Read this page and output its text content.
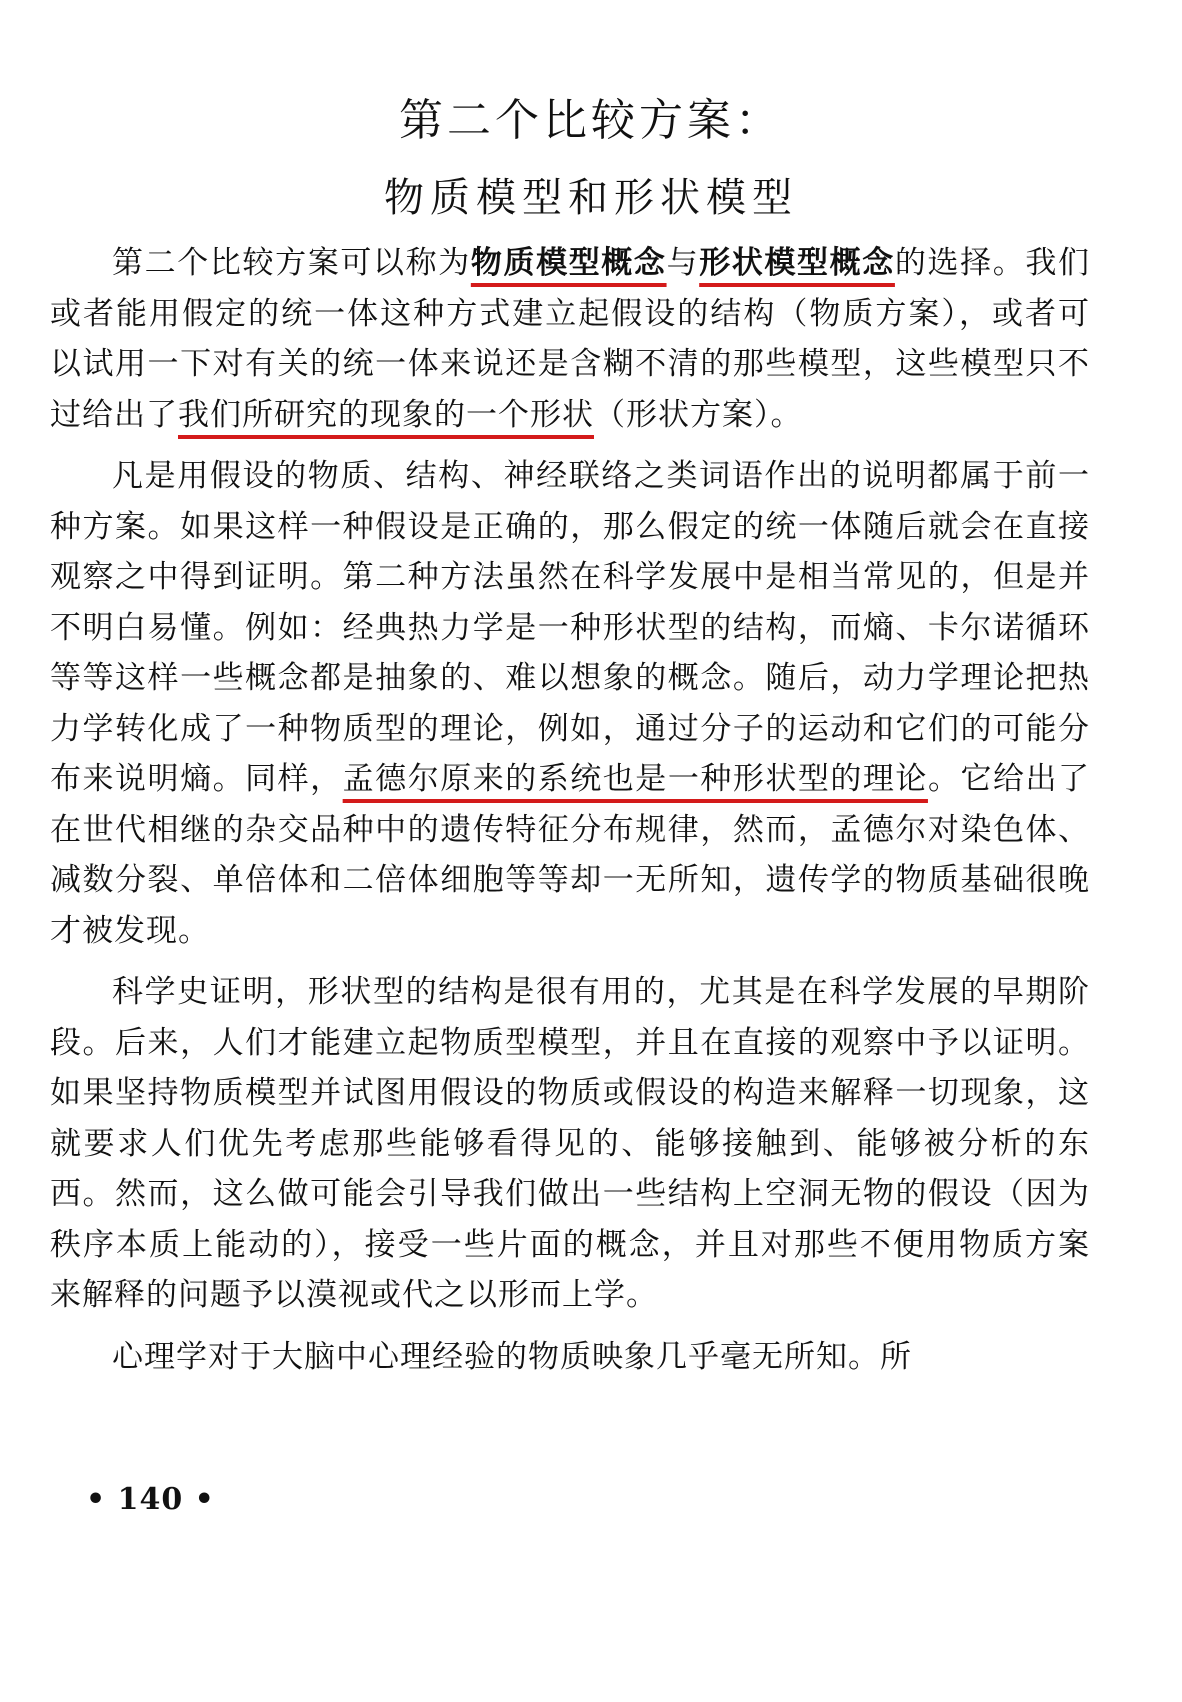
第二个比较方案：
物质模型和形状模型

第二个比较方案可以称为物质模型概念与形状模型概念的选择。我们或者能用假定的统一体这种方式建立起假设的结构（物质方案），或者可以试用一下对有关的统一体来说还是含糊不清的那些模型，这些模型只不过给出了我们所研究的现象的一个形状（形状方案）。

凡是用假设的物质、结构、神经联络之类词语作出的说明都属于前一种方案。如果这样一种假设是正确的，那么假定的统一体随后就会在直接观察之中得到证明。第二种方法虽然在科学发展中是相当常见的，但是并不明白易懂。例如：经典热力学是一种形状型的结构，而熵、卡尔诺循环等等这样一些概念都是抽象的、难以想象的概念。随后，动力学理论把热力学转化成了一种物质型的理论，例如，通过分子的运动和它们的可能分布来说明熵。同样，孟德尔原来的系统也是一种形状型的理论。它给出了在世代相继的杂交品种中的遗传特征分布规律，然而，孟德尔对染色体、减数分裂、单倍体和二倍体细胞等等却一无所知，遗传学的物质基础很晚才被发现。

科学史证明，形状型的结构是很有用的，尤其是在科学发展的早期阶段。后来，人们才能建立起物质型模型，并且在直接的观察中予以证明。如果坚持物质模型并试图用假设的物质或假设的构造来解释一切现象，这就要求人们优先考虑那些能够看得见的、能够接触到、能够被分析的东西。然而，这么做可能会引导我们做出一些结构上空洞无物的假设（因为秩序本质上能动的），接受一些片面的概念，并且对那些不便用物质方案来解释的问题予以漠视或代之以形而上学。

心理学对于大脑中心理经验的物质映象几乎毫无所知。所

• 140 •
